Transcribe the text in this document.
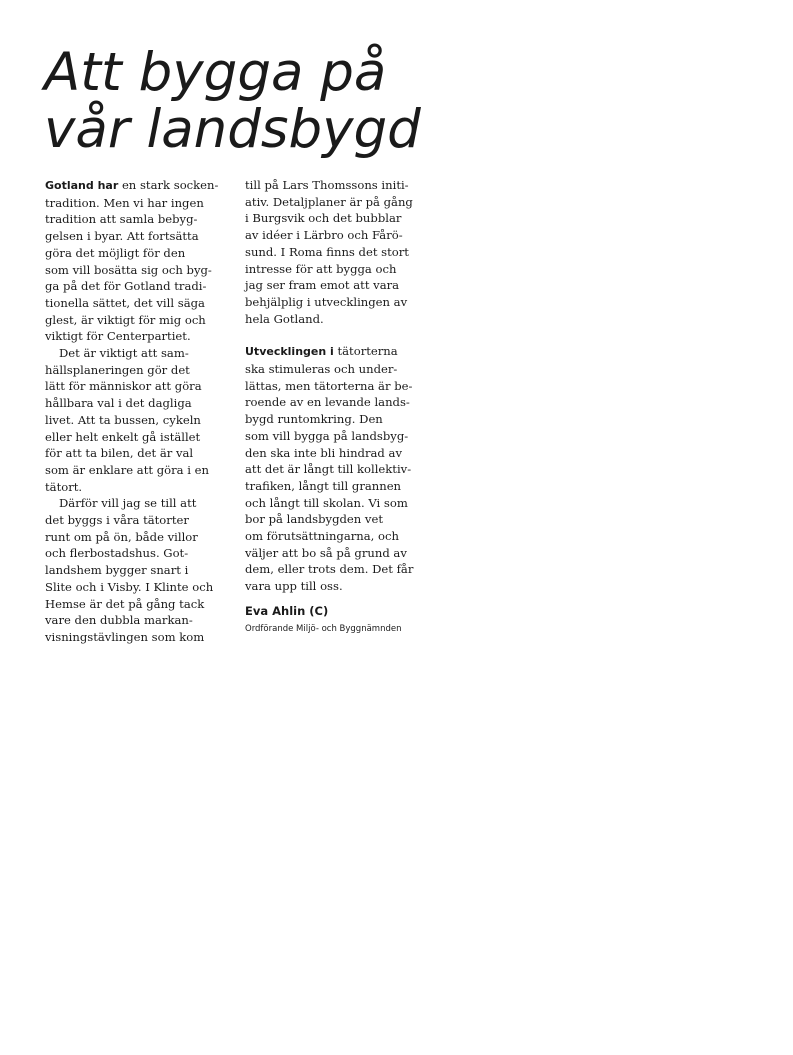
Att bygga på
vår landsbygd
Gotland har en stark socken-
tradition. Men vi har ingen
tradition att samla bebyg-
gelsen i byar. Att fortsätta
göra det möjligt för den
som vill bosätta sig och byg-
ga på det för Gotland tradi-
tionella sättet, det vill säga
glest, är viktigt för mig och
viktigt för Centerpartiet.
Det är viktigt att sam-
hällsplaneringen gör det
lätt för människor att göra
hållbara val i det dagliga
livet. Att ta bussen, cykeln
eller helt enkelt gå istället
för att ta bilen, det är val
som är enklare att göra i en
tätort.
Därför vill jag se till att
det byggs i våra tätorter
runt om på ön, både villor
och flerbostadshus. Got-
landshem bygger snart i
Slite och i Visby. I Klinte och
Hemse är det på gång tack
vare den dubbla markan-
visningstävlingen som kom
till på Lars Thomssons initi-
ativ. Detaljplaner är på gång
i Burgsvik och det bubblar
av idéer i Lärbro och Fårö-
sund. I Roma finns det stort
intresse för att bygga och
jag ser fram emot att vara
behjälplig i utvecklingen av
hela Gotland.
Utvecklingen i tätorterna
ska stimuleras och under-
lättas, men tätorterna är be-
roende av en levande lands-
bygd runtomkring. Den
som vill bygga på landsbyg-
den ska inte bli hindrad av
att det är långt till kollektiv-
trafiken, långt till grannen
och långt till skolan. Vi som
bor på landsbygden vet
om förutsättningarna, och
väljer att bo så på grund av
dem, eller trots dem. Det får
vara upp till oss.
Eva Ahlin (C)
Ordförande Miljö- och Byggnämnden
